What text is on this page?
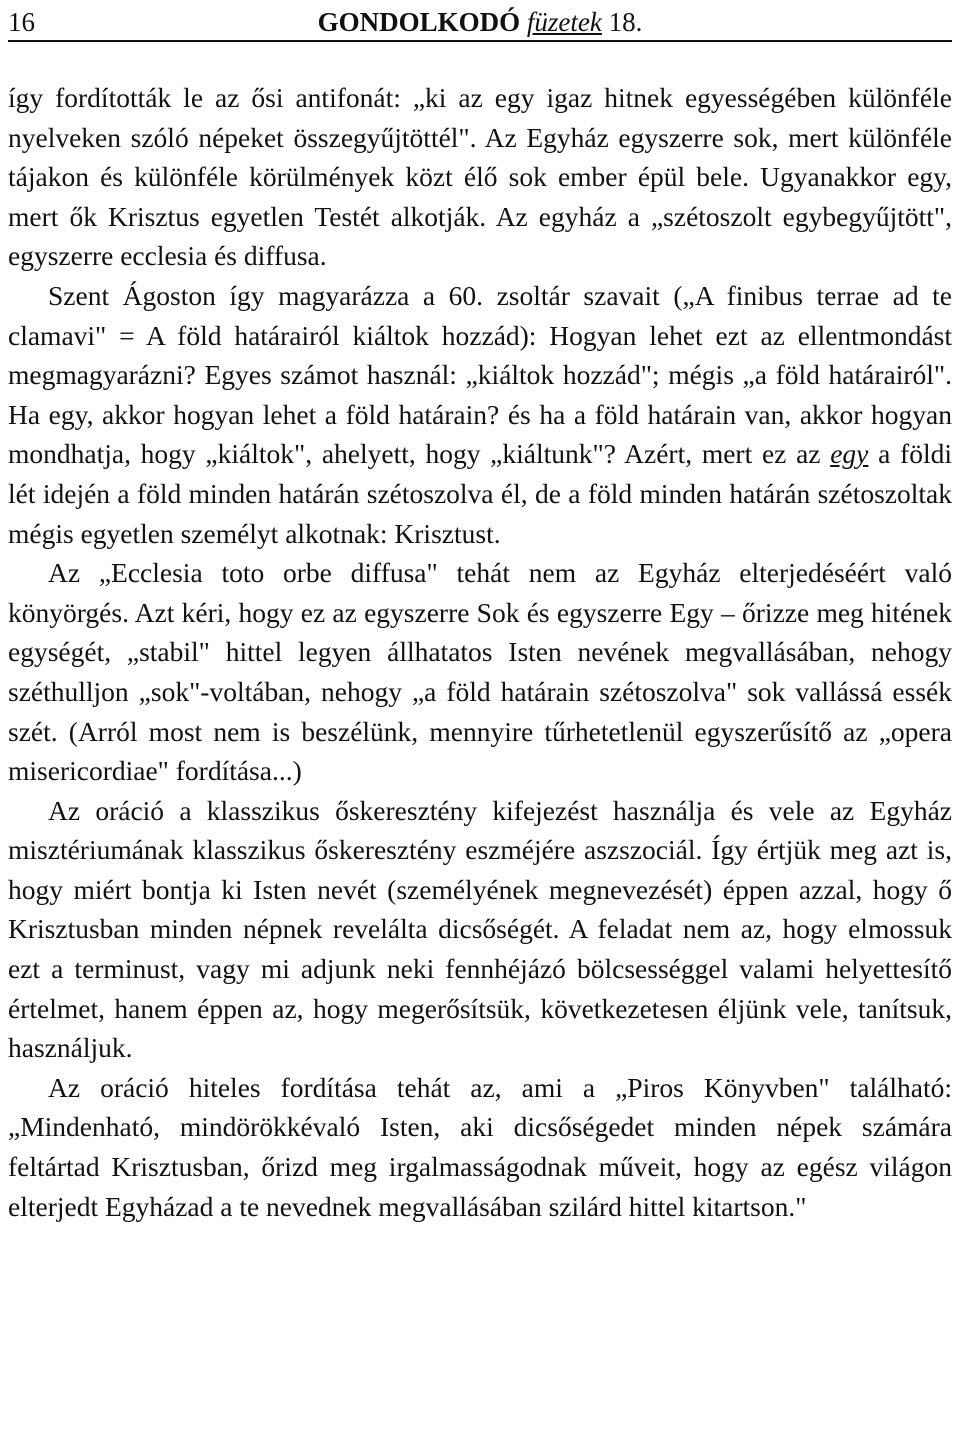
16	GONDOLKODÓ füzetek 18.

így fordították le az ősi antifonát: „ki az egy igaz hitnek egyességében különféle nyelveken szóló népeket összegyűjtöttél". Az Egyház egyszerre sok, mert különféle tájakon és különféle körülmények közt élő sok ember épül bele. Ugyanakkor egy, mert ők Krisztus egyetlen Testét alkotják. Az egyház a „szétoszolt egybegyűjtött", egyszerre ecclesia és diffusa.

Szent Ágoston így magyarázza a 60. zsoltár szavait („A finibus terrae ad te clamavi" = A föld határairól kiáltok hozzád): Hogyan lehet ezt az ellentmondást megmagyarázni? Egyes számot használ: „kiáltok hozzád"; mégis „a föld határairól". Ha egy, akkor hogyan lehet a föld határain? és ha a föld határain van, akkor hogyan mondhatja, hogy „kiáltok", ahelyett, hogy „kiáltunk"? Azért, mert ez az egy a földi lét idején a föld minden határán szétoszolva él, de a föld minden határán szétoszoltak mégis egyetlen személyt alkotnak: Krisztust.

Az „Ecclesia toto orbe diffusa" tehát nem az Egyház elterjedéséért való könyörgés. Azt kéri, hogy ez az egyszerre Sok és egyszerre Egy – őrizze meg hitének egységét, „stabil" hittel legyen állhatatos Isten nevének megvallásában, nehogy széthulljon „sok"-voltában, nehogy „a föld határain szétoszolva" sok vallássá essék szét. (Arról most nem is beszélünk, mennyire tűrhetetlenül egyszerűsítő az „opera misericordiae" fordítása...)

Az oráció a klasszikus őskeresztény kifejezést használja és vele az Egyház misztériumának klasszikus őskeresztény eszméjére aszszociál. Így értjük meg azt is, hogy miért bontja ki Isten nevét (személyének megnevezését) éppen azzal, hogy ő Krisztusban minden népnek revelálta dicsőségét. A feladat nem az, hogy elmossuk ezt a terminust, vagy mi adjunk neki fennhéjázó bölcsességgel valami helyettesítő értelmet, hanem éppen az, hogy megerősítsük, következetesen éljünk vele, tanítsuk, használjuk.

Az oráció hiteles fordítása tehát az, ami a „Piros Könyvben" található: „Mindenható, mindörökkévaló Isten, aki dicsőségedet minden népek számára feltártad Krisztusban, őrizd meg irgalmasságodnak műveit, hogy az egész világon elterjedt Egyházad a te nevednek megvallásában szilárd hittel kitartson."
